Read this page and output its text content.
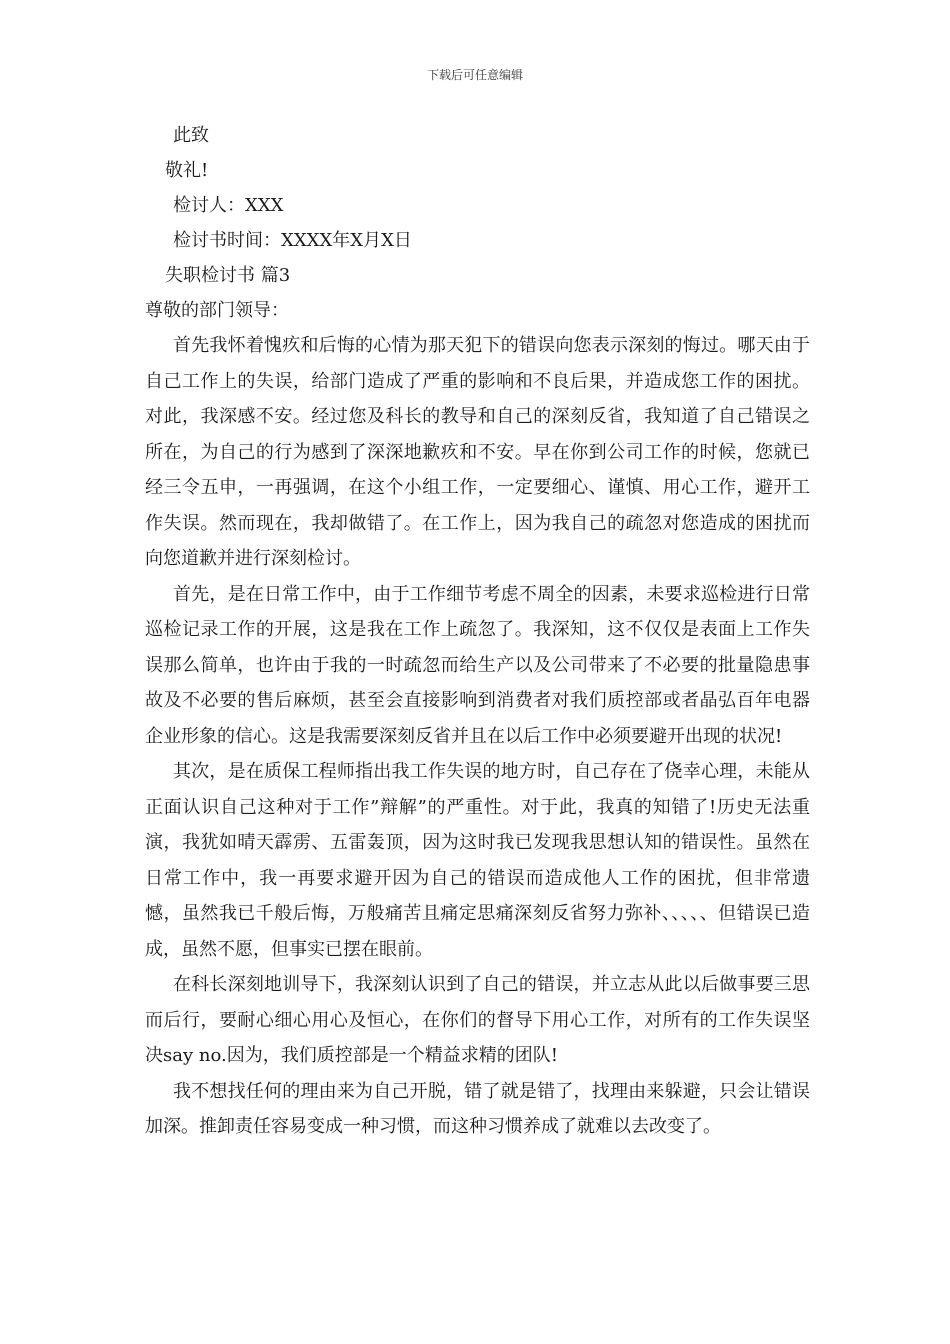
下载后可任意编辑
此致
敬礼!
检讨人：XXX
检讨书时间：XXXX年X月X日
失职检讨书 篇3
尊敬的部门领导：

首先我怀着愧疚和后悔的心情为那天犯下的错误向您表示深刻的悔过。哪天由于自己工作上的失误，给部门造成了严重的影响和不良后果，并造成您工作的困扰。对此，我深感不安。经过您及科长的教导和自己的深刻反省，我知道了自己错误之所在，为自己的行为感到了深深地歉疚和不安。早在你到公司工作的时候，您就已经三令五申，一再强调，在这个小组工作，一定要细心、谨慎、用心工作，避开工作失误。然而现在，我却做错了。在工作上，因为我自己的疏忽对您造成的困扰而向您道歉并进行深刻检讨。

首先，是在日常工作中，由于工作细节考虑不周全的因素，未要求巡检进行日常巡检记录工作的开展，这是我在工作上疏忽了。我深知，这不仅仅是表面上工作失误那么简单，也许由于我的一时疏忽而给生产以及公司带来了不必要的批量隐患事故及不必要的售后麻烦，甚至会直接影响到消费者对我们质控部或者晶弘百年电器企业形象的信心。这是我需要深刻反省并且在以后工作中必须要避开出现的状况!

其次，是在质保工程师指出我工作失误的地方时，自己存在了侥幸心理，未能从正面认识自己这种对于工作”辩解”的严重性。对于此，我真的知错了!历史无法重演，我犹如晴天霹雳、五雷轰顶，因为这时我已发现我思想认知的错误性。虽然在日常工作中，我一再要求避开因为自己的错误而造成他人工作的困扰，但非常遗憾，虽然我已千般后悔，万般痛苦且痛定思痛深刻反省努力弥补、、、、、但错误已造成，虽然不愿，但事实已摆在眼前。

在科长深刻地训导下，我深刻认识到了自己的错误，并立志从此以后做事要三思而后行，要耐心细心用心及恒心，在你们的督导下用心工作，对所有的工作失误坚决say no.因为，我们质控部是一个精益求精的团队!

我不想找任何的理由来为自己开脱，错了就是错了，找理由来躲避，只会让错误加深。推卸责任容易变成一种习惯，而这种习惯养成了就难以去改变了。
